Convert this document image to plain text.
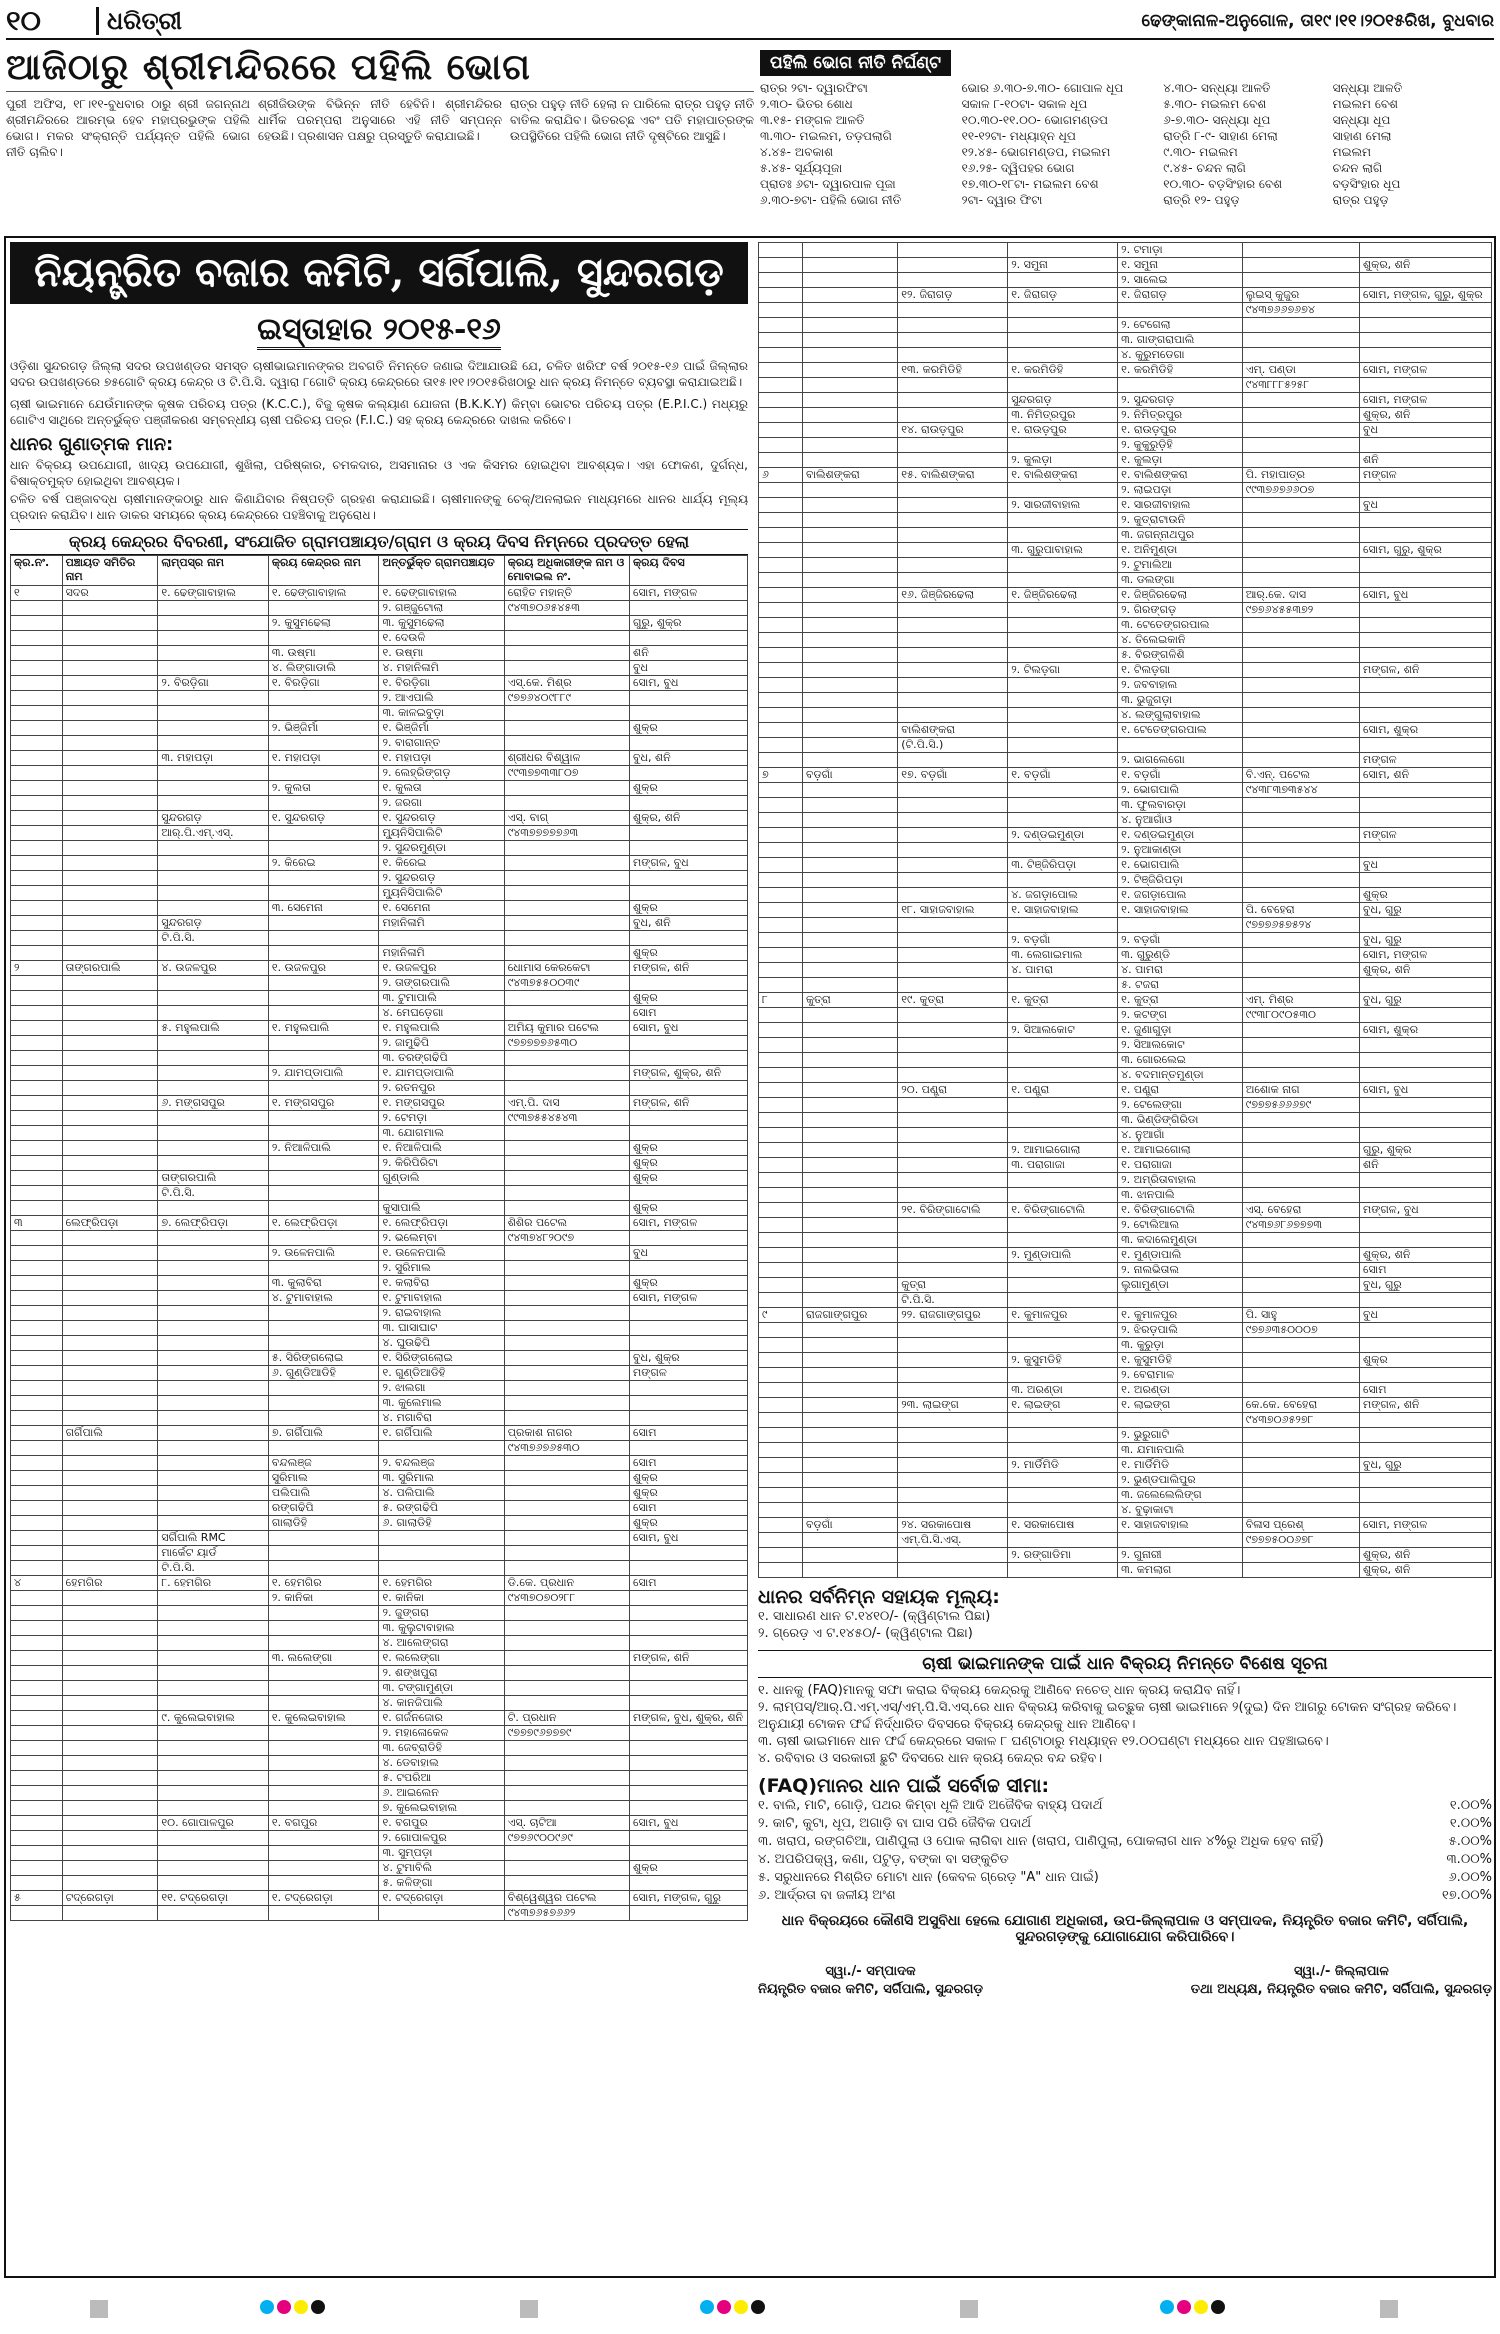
୧୦	ଧରିତ୍ରୀ	ଢେଙ୍କାନାଳ-ଅନୁଗୋଳ, ତା୧୯।୧୧।୨୦୧୫ରିଖ, ବୁଧବାର
ଆଜିଠାରୁ ଶ୍ରୀମନ୍ଦିରରେ ପହିଲି ଭୋଗ
ପୁରୀ ଅଫିସ, ୧୮।୧୧-ବୁଧବାର ଠାରୁ ଶ୍ରୀ ଜଗନ୍ନାଥ ଶ୍ରୀମନ୍ଦିରରେ ଆରମ୍ଭ ହେବ ମହାପ୍ରଭୁଙ୍କ ପହିଲି ଭୋଗ। ମକର ସଂକ୍ରାନ୍ତି ପର୍ଯ୍ୟନ୍ତ ପହିଲି ଭୋଗ ନୀତି ଚାଲିବ।
ଶ୍ରୀଜିଉଙ୍କ ବିଭିନ୍ନ ନୀତି ହେବିନି। ଶ୍ରୀମନ୍ଦିରର ଧାର୍ମିକ ପରମ୍ପରା ଅନୁସାରେ ଏହି ନୀତି ସମ୍ପନ୍ନ ହେଉଛି। ପ୍ରଶାସନ ପକ୍ଷରୁ ପ୍ରସ୍ତୁତି କରାଯାଇଛି।
ରାତ୍ର ପହୁଡ଼ ନୀତି ହେଲା ନ ପାରିଲେ ରାତ୍ର ପହୁଡ଼ ନୀତି ବାତିଲ କରାଯିବ। ଭିତରଚ୍ଛ ଏବଂ ପତି ମହାପାତ୍ରଙ୍କ ଉପସ୍ଥିତିରେ ପହିଲି ଭୋଗ ନୀତି ଦୃଷ୍ଟିରେ ଆସୁଛି।
ପହିଲି ଭୋଗ ନୀତି ନିର୍ଘଣ୍ଟ
ରାତ୍ର ୨ଟା- ଦ୍ୱାରଫିଟା	ଭୋର ୬.୩୦-୭.୩୦- ଗୋପାଳ ଧୂପ	୪.୩୦- ସନ୍ଧ୍ୟା ଆଳତି	ସନ୍ଧ୍ୟା ଆଳତି
୨.୩୦- ଭିତର ଶୋଧ	ସକାଳ ୮-୧୦ଟା- ସକାଳ ଧୂପ	୫.୩୦- ମଇଲମ ବେଶ	ମଇଲମ ବେଶ
୩.୧୫- ମଙ୍ଗଳ ଆଳତି	୧୦.୩୦-୧୧.୦୦- ଭୋଗମଣ୍ଡପ	୬-୭.୩୦- ସନ୍ଧ୍ୟା ଧୂପ	ସନ୍ଧ୍ୟା ଧୂପ
୩.୩୦- ମଇଲମ, ତଡ଼ପଲାଗି	୧୧-୧୨ଟା- ମଧ୍ୟାହ୍ନ ଧୂପ	ରାତ୍ରି ୮-୯- ସାହାଣ ମେଲା	ସାହାଣ ମେଲା
୪.୪୫- ଅବକାଶ	୧୨.୪୫- ଭୋଗମଣ୍ଡପ, ମଇଲମ	୯.୩୦- ମଇଲମ	ମଇଲମ
୫.୪୫- ସୂର୍ଯ୍ୟପୂଜା	୧୬.୨୫- ଦ୍ୱିପହର ଭୋଗ	୯.୪୫- ଚନ୍ଦନ ଲାଗି	ଚନ୍ଦନ ଲାଗି
ପ୍ରାତଃ ୬ଟା- ଦ୍ୱାରପାଳ ପୂଜା	୧୭.୩୦-୧୮ଟା- ମଇଲମ ବେଶ	୧୦.୩୦- ବଡ଼ସିଂହାର ବେଶ	ବଡ଼ସିଂହାର ଧୂପ
୬.୩୦-୭ଟା- ପହିଲି ଭୋଗ ନୀତି	୨ଟା- ଦ୍ୱାର ଫିଟା	ରାତ୍ରି ୧୨- ପହୁଡ଼	ରାତ୍ର ପହୁଡ଼
ନିୟନ୍ତ୍ରିତ ବଜାର କମିଟି, ସର୍ଗିପାଲି, ସୁନ୍ଦରଗଡ଼
ଇସ୍ତାହାର ୨୦୧୫-୧୬
ଓଡ଼ିଶା ସୁନ୍ଦରଗଡ଼ ଜିଲ୍ଲା ସଦର ଉପଖଣ୍ଡର ସମସ୍ତ ଚାଷୀଭାଇମାନଙ୍କର ଅବଗତି ନିମନ୍ତେ ଜଣାଇ ଦିଆଯାଉଛି ଯେ, ଚଳିତ ଖରିଫ ବର୍ଷ ୨୦୧୫-୧୬ ପାଇଁ ଜିଲ୍ଲାର ସଦର ଉପଖଣ୍ଡରେ ୭୫ଗୋଟି କ୍ରୟ କେନ୍ଦ୍ର ଓ ଟି.ପି.ସି. ଦ୍ୱାରା ୮ଗୋଟି କ୍ରୟ କେନ୍ଦ୍ରରେ ତା୧୫।୧୧।୨୦୧୫ରିଖଠାରୁ ଧାନ କ୍ରୟ ନିମନ୍ତେ ବ୍ୟବସ୍ଥା କରାଯାଇଅଛି।
ଚାଷୀ ଭାଇମାନେ ଯେଉଁମାନଙ୍କ କୃଷକ ପରିଚୟ ପତ୍ର (K.C.C.), ବିଜୁ କୃଷକ କଲ୍ୟାଣ ଯୋଜନା (B.K.K.Y) କିମ୍ବା ଭୋଟର ପରିଚୟ ପତ୍ର (E.P.I.C.) ମଧ୍ୟରୁ ଗୋଟିଏ ସାଥିରେ ଅନ୍ତର୍ଭୁକ୍ତ ପଞ୍ଜୀକରଣ ସମ୍ବନ୍ଧୀୟ ଚାଷୀ ପରିଚୟ ପତ୍ର (F.I.C.) ସହ କ୍ରୟ କେନ୍ଦ୍ରରେ ଦାଖଲ କରିବେ।
ଧାନର ଗୁଣାତ୍ମକ ମାନ:
ଧାନ ବିକ୍ରୟ ଉପଯୋଗୀ, ଖାଦ୍ୟ ଉପଯୋଗୀ, ଶୁଖିଲା, ପରିଷ୍କାର, ଚମକଦାର, ଅସମାନାର ଓ ଏକ କିସମର ହୋଇଥିବା ଆବଶ୍ୟକ। ଏହା ଫୋକଣ, ଦୁର୍ଗନ୍ଧ, ବିଷାକ୍ତମୁକ୍ତ ହୋଇଥିବା ଆବଶ୍ୟକ।
ଚଳିତ ବର୍ଷ ପଞ୍ଜାବଦ୍ଧ ଚାଷୀମାନଙ୍କଠାରୁ ଧାନ କିଣାଯିବାର ନିଷ୍ପତ୍ତି ଗ୍ରହଣ କରାଯାଇଛି। ଚାଷୀମାନଙ୍କୁ ଚେକ୍/ଅନଲାଇନ ମାଧ୍ୟମରେ ଧାନର ଧାର୍ଯ୍ୟ ମୂଲ୍ୟ ପ୍ରଦାନ କରାଯିବ। ଧାନ ଡାକର ସମୟରେ କ୍ରୟ କେନ୍ଦ୍ରରେ ପହଞ୍ଚିବାକୁ ଅନୁରୋଧ।
କ୍ରୟ କେନ୍ଦ୍ରର ବିବରଣୀ, ସଂଯୋଜିତ ଗ୍ରାମପଞ୍ଚାୟତ/ଗ୍ରାମ ଓ କ୍ରୟ ଦିବସ ନିମ୍ନରେ ପ୍ରଦତ୍ତ ହେଲା
କ୍ର.ନଂ.	ପଞ୍ଚାୟତ ସମିତିର ନାମ	ଲାମ୍ପସ୍‌ର ନାମ	କ୍ରୟ କେନ୍ଦ୍ରର ନାମ	ଅନ୍ତର୍ଭୁକ୍ତ ଗ୍ରାମପଞ୍ଚାୟତ	କ୍ରୟ ଅଧିକାରୀଙ୍କ ନାମ ଓ ମୋବାଇଲ ନଂ.	କ୍ରୟ ଦିବସ
୧	ସଦର	୧. ଢେଙ୍ଗାବାହାଲ	୧. ଢେଙ୍ଗାବାହାଲ	୧. ଢେଙ୍ଗାବାହାଲ	ରୋହିତ ମହାନ୍ତି	ସୋମ, ମଙ୍ଗଳ
				୨. ଗଞ୍ଜୁଟୋଲା	୯୪୩୭୦୬୫୪୫୩	
			୨. କୁସୁମଢେଲା	୩. କୁସୁମଢେଲା		ଗୁରୁ, ଶୁକ୍ର
				୧. ଦେଉଳି		
			୩. ଉଷ୍ମା	୧. ଉଷ୍ମା		ଶନି
			୪. ଲିଙ୍ଗାଡାଲି	୪. ମହାନିଳାମି		ବୁଧ
		୨. ବିରଡ଼ିଗା	୧. ବିରଡ଼ିଗା	୧. ବିରଡ଼ିଗା	ଏସ୍.କେ. ମିଶ୍ର	ସୋମ, ବୁଧ
				୨. ଆଏପାଲି	୯୭୭୬୪୦୯୮୮୯	
				୩. କାଳଇବୁଡ଼ା		
			୨. ଭିଞ୍ଜିର୍ମା	୧. ଭିଞ୍ଜିର୍ମା		ଶୁକ୍ର
				୨. ବାରାଗାନ୍ତ		
		୩. ମହାପଡ଼ା	୧. ମହାପଡ଼ା	୧. ମହାପଡ଼ା	ଶ୍ରୀଧର ବିଶ୍ୱାଳ	ବୁଧ, ଶନି
				୨. ଲେହ୍ରିଙ୍ଗଡ଼	୯୯୩୭୭୩୩୮୦୭	
			୨. କୁଲତା	୧. କୁଲତା		ଶୁକ୍ର
				୨. ଜରଗା		
		ସୁନ୍ଦରଗଡ଼	୧. ସୁନ୍ଦରଗଡ଼	୧. ସୁନ୍ଦରଗଡ଼	ଏସ୍. ବାଗ୍	ଶୁକ୍ର, ଶନି
		ଆର୍.ପି.ଏମ୍.ଏସ୍.		ମ୍ୟୁନିସିପାଲିଟି	୯୪୩୭୭୭୭୭୬୩	
				୨. ସୁନ୍ଦରମୁଣ୍ଡା		
			୨. କିରେଇ	୧. କିରେଇ		ମଙ୍ଗଳ, ବୁଧ
				୨. ସୁନ୍ଦରଗଡ଼		
				ମ୍ୟୁନିସିପାଲିଟି		
			୩. ସେମେନା	୧. ସେମେନା		ଶୁକ୍ର
		ସୁନ୍ଦରଗଡ଼		ମହାନିଳାମି		ବୁଧ, ଶନି
		ଟି.ପି.ସି.				
				ମହାନିଳାମି		ଶୁକ୍ର
୨	ତାଙ୍ଗରପାଲି	୪. ଉଜଳପୁର	୧. ଉଜଳପୁର	୧. ଉଜଳପୁର	ଧୋମାସ କେରକେଟା	ମଙ୍ଗଳ, ଶନି
				୨. ତାଙ୍ଗରପାଲି	୯୪୩୭୫୫୦୦୩୯	
				୩. ଟୁମାପାଲି		ଶୁକ୍ର
				୪. ମେଘଡ଼େଗା		ସୋମ
		୫. ମହୁଲପାଲି	୧. ମହୁଲପାଲି	୧. ମହୁଲପାଲି	ଅମିୟ କୁମାର ପଟେଲ	ସୋମ, ବୁଧ
				୨. ଜାମୁଢିପି	୯୭୭୭୭୭୬୫୩୦	
				୩. ତରଙ୍ଗଢିପି		
			୨. ଯାମପ୍ଡାପାଲି	୧. ଯାମପ୍ଡାପାଲି		ମଙ୍ଗଳ, ଶୁକ୍ର, ଶନି
				୨. ରତନପୁର		
		୬. ମଙ୍ଗସପୁର	୧. ମଙ୍ଗସପୁର	୧. ମଙ୍ଗସପୁର	ଏମ୍.ପି. ଦାସ	ମଙ୍ଗଳ, ଶନି
				୨. ଟେମଡ଼ା	୯୯୩୭୫୫୪୫୪୩	
				୩. ଯୋଗମାଲ		
			୨. ନିଆଳିପାଲି	୧. ନିଆଳିପାଲି		ଶୁକ୍ର
				୨. କିରିପିରିଟା		ଶୁକ୍ର
		ତାଙ୍ଗରପାଲି		ଗୁଣ୍ଡାଲି		ଶୁକ୍ର
		ଟି.ପି.ସି.				
				କୁସାପାଲି		ଶୁକ୍ର
୩	ଲେଫ୍ରିପଡ଼ା	୭. ଲେଫ୍ରିପଡ଼ା	୧. ଲେଫ୍ରିପଡ଼ା	୧. ଲେଫ୍ରିପଡ଼ା	ଶିଶିର ପଟେଲ	ସୋମ, ମଙ୍ଗଳ
				୨. ଭଲେମ୍ବା	୯୪୩୭୪୮୨୦୯୭	
			୨. ଉଳେନପାଲି	୧. ଉଳେନପାଲି		ବୁଧ
				୨. ସୁରିମାଲ		
			୩. କୁଲାବିରା	୧. କଲାବିରା		ଶୁକ୍ର
			୪. ଟୁମାବାହାଲ	୧. ଟୁମାବାହାଲ		ସୋମ, ମଙ୍ଗଳ
				୨. ରାଇବାହାଲ		
				୩. ଘାସାଘାଟ		
				୪. ଘୁଉଢିପି		
			୫. ସିରିଙ୍ଗଲୋଇ	୧. ସିରିଙ୍ଗଲୋଇ		ବୁଧ, ଶୁକ୍ର
			୬. ଗୁଣ୍ଡିଆଡିହି	୧. ଗୁଣ୍ଡିଆଡିହି		ମଙ୍ଗଳ
				୨. ଝାଲଗା		
				୩. କୁଲେମାଲ		
				୪. ମଗାବିରା		
	ଗର୍ଗିପାଲି		୭. ଗର୍ଗିପାଲି	୧. ଗର୍ଗିପାଲି	ପ୍ରକାଶ ନାଗର	ସୋମ
					୯୪୩୭୬୭୬୫୩୦	
			ବନ୍ଦଲଞ୍ଜ	୨. ବନ୍ଦଲଞ୍ଜ		ସୋମ
			ସୁରିମାଲ	୩. ସୁରିମାଲ		ଶୁକ୍ର
			ପଲିପାଲି	୪. ପଲିପାଲି		ଶୁକ୍ର
			ରଙ୍ଗଢିପି	୫. ରଙ୍ଗଢିପି		ସୋମ
			ଗାଲାଡିହି	୬. ଗାଲାଡିହି		ଶୁକ୍ର
		ସର୍ଗିପାଲି RMC				ସୋମ, ବୁଧ
		ମାର୍କେଟ ୟାର୍ଡ				
		ଟି.ପି.ସି.				
୪	ହେମଗିର	୮. ହେମଗିର	୧. ହେମଗିର	୧. ହେମଗିର	ଡି.କେ. ପ୍ରଧାନ	ସୋମ
			୨. କାନିକା	୧. କାନିକା	୯୪୩୭୦୭୦୨୮୮	
				୨. ଜୁଙ୍ଗରା		
				୩. କୁଲୁଟାବାହାଲ		
				୪. ଆଲେଙ୍ଗରା		
			୩. ଲଲେଙ୍ଗା	୧. ଲଲେଙ୍ଗା		ମଙ୍ଗଳ, ଶନି
				୨. ଶଙ୍ଖପୁରା		
				୩. ଟଙ୍ଗାମୁଣ୍ଡା		
				୪. କାନଜିପାଲି		
		୯. କୁଲେଇବାହାଲ	୧. କୁଲେଇବାହାଲ	୧. ଗର୍ଜନଜୋର	ଟି. ପ୍ରଧାନ	ମଙ୍ଗଳ, ବୁଧ, ଶୁକ୍ର, ଶନି
				୨. ମହାଳୋକେଳ	୯୭୭୭୯୬୭୭୭୯	
				୩. ଜେବ୍ରାଡିହି		
				୪. ଡେବାହାଲ		
				୫. ଟପରିଆ		
				୬. ଆଇଲେନ		
				୭. କୁଲେଇବାହାଲ		
		୧୦. ଗୋପାଳପୁର	୧. ବଗପୁର	୧. ବଗପୁର	ଏସ୍. ଚାଟିଆ	ସୋମ, ବୁଧ
				୨. ଗୋପାଳପୁର	୯୭୭୬୯୦୦୯୬୯	
				୩. ସୁମ୍ପଡ଼ା		
				୪. ଟୁମାବିଲି		ଶୁକ୍ର
				୫. କଳିଙ୍ଗା		
୫	ଟଦ୍ରେଗଡ଼ା	୧୧. ଟଦ୍ରେଗଡ଼ା	୧. ଟଦ୍ରେଗଡ଼ା	୧. ଟଦ୍ରେଗଡ଼ା	ବିଶ୍ୱେଶ୍ୱର ପଟେଲ	ସୋମ, ମଙ୍ଗଳ, ଗୁରୁ
					୯୪୩୭୬୫୭୬୬୨	
				୨. ଟମାଡ଼ା		
			୨. ସମୁନା	୧. ସମୁନା		ଶୁକ୍ର, ଶନି
				୨. ସାଲେଇ		
		୧୨. ଜିରାଗଡ଼	୧. ଜିରାଗଡ଼	୧. ଜିରାଗଡ଼	ଲୁଇସ୍ କୁଜୁର	ସୋମ, ମଙ୍ଗଳ, ଗୁରୁ, ଶୁକ୍ର
					୯୪୩୭୬୬୭୬୭୪	
				୨. ଟେଗେଲା		
				୩. ଗାଙ୍ଗରାପାଲି		
				୪. କୁରୁମଡେଗା		
		୧୩. କରମିଡିହି	୧. କରମିଡିହି	୧. କରମିଡିହି	ଏମ୍. ପଣ୍ଡା	ସୋମ, ମଙ୍ଗଳ
					୯୪୩୮୮୮୫୨୫୮	
			ସୁନ୍ଦରଗଡ଼	୨. ସୁନ୍ଦରଗଡ଼		ସୋମ, ମଙ୍ଗଳ
			୩. ନିମିତ୍ରପୁର	୨. ନିମିତ୍ରପୁର		ଶୁକ୍ର, ଶନି
		୧୪. ରାଉଡ଼ପୁର	୧. ରାଉଡ଼ପୁର	୧. ରାଉଡ଼ପୁର		ବୁଧ
				୨. କୁକୁରୁଡ଼ିହି		
			୨. କୁଲଡ଼ା	୧. କୁଲଡ଼ା		ଶନି
୬	ବାଲିଶଙ୍କରା	୧୫. ବାଲିଶଙ୍କରା	୧. ବାଲିଶଙ୍କରା	୧. ବାଲିଶଙ୍କରା	ପି. ମହାପାତ୍ର	ମଙ୍ଗଳ
				୨. ଲାଇପଡ଼ା	୯୯୩୭୬୭୬୬୦୭	
			୨. ସାରଜୀବାହାଲ	୧. ସାରଜୀବାହାଲ		ବୁଧ
				୨. କୁତ୍ରାଟାଉନି		
				୩. ଜଗନ୍ନାଥପୁର		
			୩. ଗୁରୁପାବାହାଲ	୧. ଅନିମୁଣ୍ଡା		ସୋମ, ଗୁରୁ, ଶୁକ୍ର
				୨. ଟୁମାଲିଆ		
				୩. ଡଲଙ୍ଗା		
		୧୬. ଜିଞ୍ଜିରଢେଲା	୧. ଜିଞ୍ଜିରଢେଲା	୧. ଜିଞ୍ଜିରଢେଲା	ଆର୍.କେ. ଦାସ	ସୋମ, ବୁଧ
				୨. ଗିରଙ୍ଗଡ଼	୯୭୭୬୪୫୫୩୭୨	
				୩. ଟେତେଙ୍ଗରପାଲ		
				୪. ତିଲେଇକାନି		
				୫. ବିରଙ୍ଗଳିଶି		
			୨. ଟିଲଡ଼ଗା	୧. ଟିଲଡ଼ଗା		ମଙ୍ଗଳ, ଶନି
				୨. ଜବବାହାଲ		
				୩. ଭୁଜୁଗଡ଼ା		
				୪. ଲଙ୍ଗୁଲାବାହାଲ		
		ବାଲିଶଙ୍କରା		୧. ଟେତେଙ୍ଗରପାଲ		ସୋମ, ଶୁକ୍ର
		(ଟି.ପି.ସି.)				
				୨. ଭାଗଲେଗୋ		ମଙ୍ଗଳ
୭	ବଡ଼ଗାଁ	୧୭. ବଡ଼ଗାଁ	୧. ବଡ଼ଗାଁ	୧. ବଡ଼ଗାଁ	ବି.ଏନ୍. ପଟେଲ	ସୋମ, ଶନି
				୨. ଭୋଗପାଲି	୯୪୩୮୩୭୩୫୪୪	
				୩. ଫୁଲବାରଡ଼ା		
				୪. ନୁଆଗାଁଓ		
			୨. ଦଣ୍ଡଇମୁଣ୍ଡା	୧. ଦଣ୍ଡଇମୁଣ୍ଡା		ମଙ୍ଗଳ
				୨. ନୁଆକାଣ୍ଡା		
			୩. ଟିଞ୍ଜିରିପଡ଼ା	୧. ଭୋଗପାଲି		ବୁଧ
				୨. ଟିଞ୍ଜିରିପଡ଼ା		
			୪. ଜଗଡ଼ାପୋଲ	୧. ଜଗଡ଼ାପୋଲ		ଶୁକ୍ର
		୧୮. ସାହାଜବାହାଲ	୧. ସାହାଜବାହାଲ	୧. ସାହାଜବାହାଲ	ପି. ବେହେରା	ବୁଧ, ଗୁରୁ
					୯୭୭୭୬୫୭୫୨୪	
			୨. ବଡ଼ଗାଁ	୨. ବଡ଼ଗାଁ		ବୁଧ, ଗୁରୁ
			୩. ଲେଗାଇମାଲ	୩. ଗୁରୁଣ୍ଡି		ସୋମ, ମଙ୍ଗଳ
			୪. ପାମରା	୪. ପାମରା		ଶୁକ୍ର, ଶନି
				୫. ଟଜରା		
୮	କୁତ୍ରା	୧୯. କୁତ୍ରା	୧. କୁତ୍ରା	୧. କୁତ୍ରା	ଏମ୍. ମିଶ୍ର	ବୁଧ, ଗୁରୁ
				୨. କଟଙ୍ଗ	୯୯୩୮୦୯୦୫୩୦	
			୨. ସିଆଲକୋଟ	୧. ଜୁଣାଗୁଡ଼ା		ସୋମ, ଶୁକ୍ର
				୨. ସିଆଲକୋଟ		
				୩. ଗୋରଲେଇ		
				୪. ବଦମାନ୍ତମୁଣ୍ଡା		
		୨୦. ପଣ୍ଡ୍ରା	୧. ପଣ୍ଡ୍ରା	୧. ପଣ୍ଡ୍ରା	ଅଶୋକ ନାଗ	ସୋମ, ବୁଧ
				୨. ଟେଲେଙ୍ଗା	୯୭୭୭୫୬୬୬୭୯	
				୩. ଭିଣ୍ଡିଙ୍ଗିରିଡା		
				୪. ନୁଆଗାଁ		
			୨. ଆମାଇଗୋଲା	୧. ଆମାଇଗୋଲା		ଗୁରୁ, ଶୁକ୍ର
			୩. ପରାଗାଜା	୧. ପରାଗାଜା		ଶନି
				୨. ଅମ୍ରିତାବାହାଲ		
				୩. ଝାନପାଲି		
		୨୧. ବିରିଙ୍ଗାଟୋଲି	୧. ବିରିଙ୍ଗାଟୋଲି	୧. ବିରିଙ୍ଗାଟୋଲି	ଏସ୍. ବେହେରା	ମଙ୍ଗଳ, ବୁଧ
				୨. ଟୋଲିଆଲ	୯୪୩୭୬୮୬୭୭୭୩	
				୩. କଦାଲେମୁଣ୍ଡା		
			୨. ମୁଣ୍ଡାପାଲି	୧. ମୁଣ୍ଡାପାଲି		ଶୁକ୍ର, ଶନି
				୨. ନାଲଭିତାଲ		ସୋମ
		କୁତ୍ରା		ଲୁଗାମୁଣ୍ଡା		ବୁଧ, ଗୁରୁ
		ଟି.ପି.ସି.				
୯	ରାଜଗାଙ୍ଗପୁର	୨୨. ରାଜଗାଙ୍ଗପୁର	୧. କୁମାଳପୁର	୧. କୁମାଳପୁର	ପି. ସାହୁ	ବୁଧ
				୨. ଝିରଡ଼ପାଲି	୯୭୭୬୩୫୦୦୦୭	
				୩. କୁରୁଡ଼ା		
			୨. କୁସୁମଡିହି	୧. କୁସୁମଡିହି		ଶୁକ୍ର
				୨. ବେରାମାଳ		
			୩. ଅରଣ୍ଡା	୧. ଅରଣ୍ଡା		ସୋମ
		୨୩. ଲାଇଙ୍ଗ	୧. ଲାଇଙ୍ଗ	୧. ଲାଇଙ୍ଗ	କେ.କେ. ବେହେରା	ମଙ୍ଗଳ, ଶନି
					୯୪୩୭୦୬୫୨୭୮	
				୨. ଭୁରୁଗାଟି		
				୩. ଯମାନପାଲି		
			୨. ମାର୍ଡିମିଡି	୧. ମାର୍ଡିମିଡି		ବୁଧ, ଗୁରୁ
				୨. ଭୁଣ୍ଡପାଲିପୁର		
				୩. ଜଲେଲେଲିଙ୍ଗ		
				୪. ବୁଢ଼ାକାଟା		
	ବଡ଼ଗାଁ	୨୪. ସରକାପୋଷ	୧. ସରକାପୋଷ	୧. ସାହାଜବାହାଲ	ବିଳାସ ପ୍ରେଶ୍	ସୋମ, ମଙ୍ଗଳ
		ଏମ୍.ପି.ସି.ଏସ୍.			୯୭୭୭୫୦୦୬୭୮	
			୨. ରଙ୍ଗାଡିମା	୨. ଗୁନାରୀ		ଶୁକ୍ର, ଶନି
				୩. କମଲାଗ		ଶୁକ୍ର, ଶନି
ଧାନର ସର୍ବନିମ୍ନ ସହାୟକ ମୂଲ୍ୟ:
୧. ସାଧାରଣ ଧାନ ଟ.୧୪୧୦/- (କ୍ୱିଣ୍ଟାଲ ପିଛା)
୨. ଗ୍ରେଡ଼ ଏ ଟ.୧୪୫୦/- (କ୍ୱିଣ୍ଟାଲ ପିଛା)
ଚାଷୀ ଭାଇମାନଙ୍କ ପାଇଁ ଧାନ ବିକ୍ରୟ ନିମନ୍ତେ ବିଶେଷ ସୂଚନା
୧. ଧାନକୁ (FAQ)ମାନକୁ ସଫା କରାଇ ବିକ୍ରୟ କେନ୍ଦ୍ରକୁ ଆଣିବେ ନଚେତ୍ ଧାନ କ୍ରୟ କରାଯିବ ନାହିଁ।
୨. ଲାମ୍ପସ୍/ଆର୍.ପି.ଏମ୍.ଏସ୍/ଏମ୍.ପି.ସି.ଏସ୍.ରେ ଧାନ ବିକ୍ରୟ କରିବାକୁ ଇଚ୍ଛୁକ ଚାଷୀ ଭାଇମାନେ ୨(ଦୁଇ) ଦିନ ଆଗରୁ ଟୋକନ ସଂଗ୍ରହ କରିବେ।
ଅନୁଯାୟୀ ଟୋକନ ଫର୍ଦ୍ଦ ନିର୍ଦ୍ଧାରିତ ଦିବସରେ ବିକ୍ରୟ କେନ୍ଦ୍ରକୁ ଧାନ ଆଣିବେ।
୩. ଚାଷୀ ଭାଇମାନେ ଧାନ ଫର୍ଦ୍ଦ କେନ୍ଦ୍ରରେ ସକାଳ ୮ ଘଣ୍ଟାଠାରୁ ମଧ୍ୟାହ୍ନ ୧୨.୦୦ଘଣ୍ଟା ମଧ୍ୟରେ ଧାନ ପହଞ୍ଚାଇବେ।
୪. ରବିବାର ଓ ସରକାରୀ ଛୁଟି ଦିବସରେ ଧାନ କ୍ରୟ କେନ୍ଦ୍ର ବନ୍ଦ ରହିବ।
(FAQ)ମାନର ଧାନ ପାଇଁ ସର୍ବୋଚ୍ଚ ସୀମା:
୧. ବାଲି, ମାଟି, ଗୋଡ଼ି, ପଥର କିମ୍ବା ଧୂଳି ଆଦି ଅଜୈବିକ ବାହ୍ୟ ପଦାର୍ଥ	୧.୦୦%
୨. କାଟି, କୁଟା, ଧୂପ, ଅଗାଡ଼ି ବା ଘାସ ପରି ଜୈବିକ ପଦାର୍ଥ	୧.୦୦%
୩. ଖରାପ, ରଙ୍ଗଚିଆ, ପାଣିପୁଲା ଓ ପୋକ ଲାଗିବା ଧାନ (ଖରାପ, ପାଣିପୁଲା, ପୋକଲାଗ ଧାନ ୪%ରୁ ଅଧିକ ହେବ ନାହିଁ)	୫.୦୦%
୪. ଅପରିପକ୍ୱ, କଣା, ପଟୁଡ଼, ବଙ୍କା ବା ସଙ୍କୁଚିତ	୩.୦୦%
୫. ସରୁଧାନରେ ମିଶ୍ରିତ ମୋଟା ଧାନ (କେବଳ ଗ୍ରେଡ଼ "A" ଧାନ ପାଇଁ)	୬.୦୦%
୬. ଆର୍ଦ୍ରତା ବା ଜଳୀୟ ଅଂଶ	୧୭.୦୦%
ଧାନ ବିକ୍ରୟରେ କୌଣସି ଅସୁବିଧା ହେଲେ ଯୋଗାଣ ଅଧିକାରୀ, ଉପ-ଜିଲ୍ଲାପାଳ ଓ ସମ୍ପାଦକ, ନିୟନ୍ତ୍ରିତ ବଜାର କମିଟି, ସର୍ଗିପାଲି, ସୁନ୍ଦରଗଡ଼ଙ୍କୁ ଯୋଗାଯୋଗ କରିପାରିବେ।
ସ୍ୱା./- ସମ୍ପାଦକ
ନିୟନ୍ତ୍ରିତ ବଜାର କମିଟି, ସର୍ଗିପାଲି, ସୁନ୍ଦରଗଡ଼
ସ୍ୱା./- ଜିଲ୍ଲାପାଳ
ତଥା ଅଧ୍ୟକ୍ଷ, ନିୟନ୍ତ୍ରିତ ବଜାର କମିଟି, ସର୍ଗିପାଲି, ସୁନ୍ଦରଗଡ଼
